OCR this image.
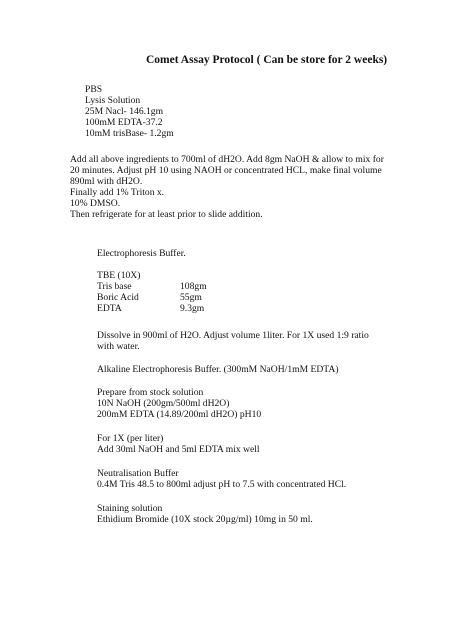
Comet Assay Protocol ( Can be store for 2 weeks)
PBS
Lysis Solution
25M Nacl- 146.1gm
100mM EDTA-37.2
10mM trisBase- 1.2gm
Add all above ingredients to 700ml of dH2O. Add 8gm NaOH & allow to mix for
20 minutes. Adjust pH 10 using NAOH or concentrated HCL, make final volume
890ml with dH2O.
Finally add 1% Triton x.
10% DMSO.
Then refrigerate for at least prior to slide addition.
Electrophoresis Buffer.
TBE (10X)
Tris base	108gm
Boric Acid	55gm
EDTA	9.3gm
Dissolve in 900ml of H2O. Adjust volume 1liter. For 1X used 1:9 ratio
with water.
Alkaline Electrophoresis Buffer. (300mM NaOH/1mM EDTA)
Prepare from stock solution
10N NaOH (200gm/500ml dH2O)
200mM EDTA (14.89/200ml dH2O) pH10
For 1X (per liter)
Add 30ml NaOH and 5ml EDTA mix well
Neutralisation Buffer
0.4M Tris 48.5 to 800ml adjust pH to 7.5 with concentrated HCl.
Staining solution
Ethidium Bromide (10X stock 20µg/ml) 10mg in 50 ml.
